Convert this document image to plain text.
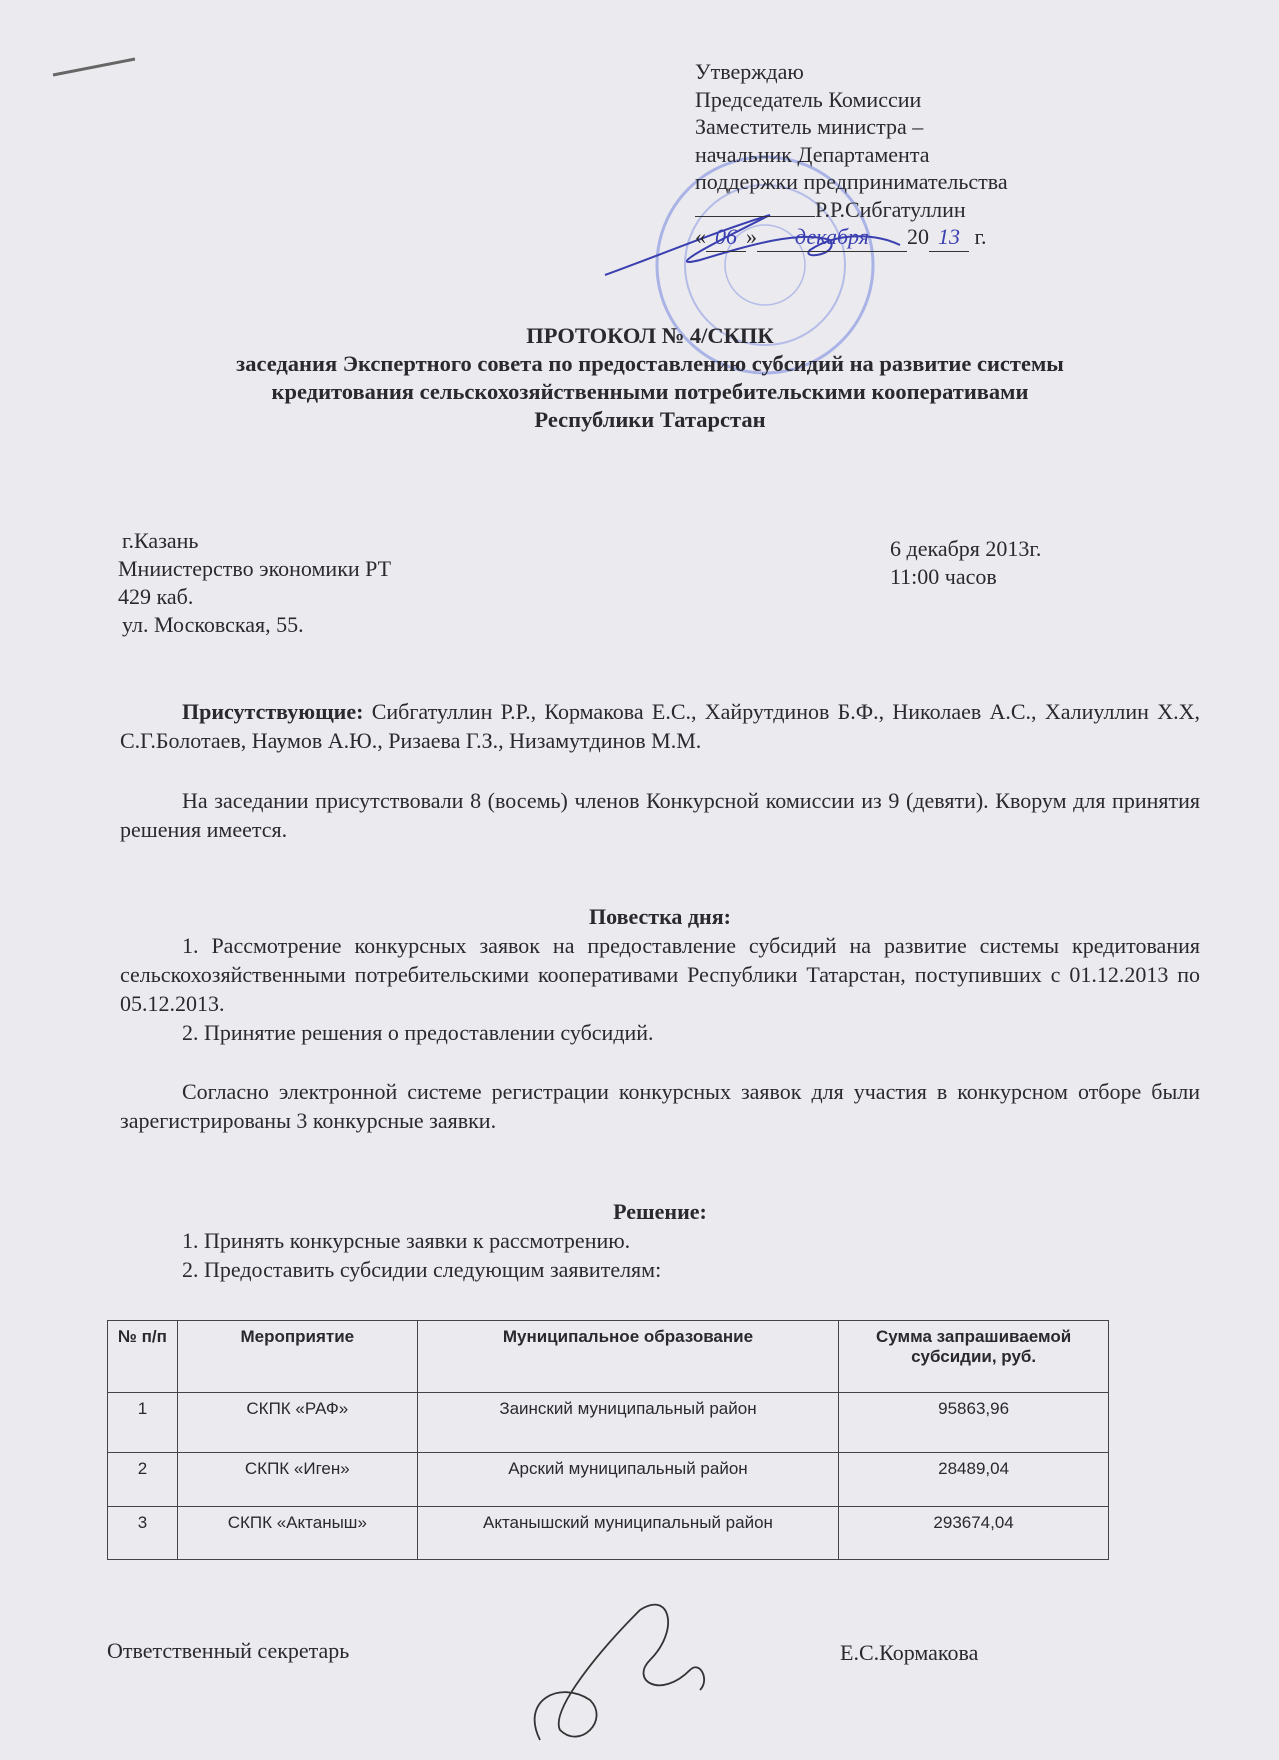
Утверждаю
Председатель Комиссии
Заместитель министра –
начальник Департамента
поддержки предпринимательства
Р.Р.Сибгатуллин
« 06 » декабря 20 13 г.
ПРОТОКОЛ № 4/СКПК
заседания Экспертного совета по предоставлению субсидий на развитие системы
кредитования сельскохозяйственными потребительскими кооперативами
Республики Татарстан
г.Казань
Мниистерство экономики РТ
429 каб.
ул. Московская, 55.
6 декабря 2013г.
11:00 часов
Присутствующие: Сибгатуллин Р.Р., Кормакова Е.С., Хайрутдинов Б.Ф., Николаев А.С., Халиуллин Х.Х, С.Г.Болотаев, Наумов А.Ю., Ризаева Г.З., Низамутдинов М.М.
На заседании присутствовали 8 (восемь) членов Конкурсной комиссии из 9 (девяти). Кворум для принятия решения имеется.
Повестка дня:
1. Рассмотрение конкурсных заявок на предоставление субсидий на развитие системы кредитования сельскохозяйственными потребительскими кооперативами Республики Татарстан, поступивших с 01.12.2013 по 05.12.2013.
2. Принятие решения о предоставлении субсидий.
Согласно электронной системе регистрации конкурсных заявок для участия в конкурсном отборе были зарегистрированы 3 конкурсные заявки.
Решение:
1. Принять конкурсные заявки к рассмотрению.
2. Предоставить субсидии следующим заявителям:
№ п/п	Мероприятие	Муниципальное образование	Сумма запрашиваемой субсидии, руб.
1	СКПК «РАФ»	Заинский муниципальный район	95863,96
2	СКПК «Иген»	Арский муниципальный район	28489,04
3	СКПК «Актаныш»	Актанышский муниципальный район	293674,04
Ответственный секретарь	Е.С.Кормакова
